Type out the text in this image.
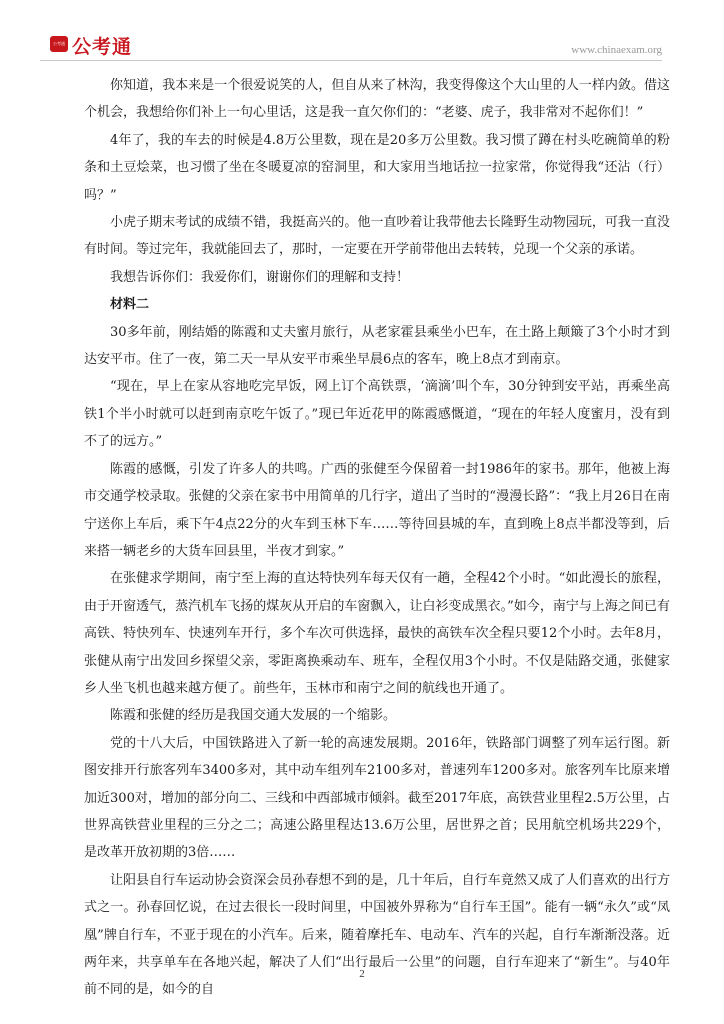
公考通 公考通	www.chinaexam.org

你知道，我本来是一个很爱说笑的人，但自从来了林沟，我变得像这个大山里的人一样内敛。借这个机会，我想给你们补上一句心里话，这是我一直欠你们的：“老婆、虎子，我非常对不起你们！”

4年了，我的车去的时候是4.8万公里数，现在是20多万公里数。我习惯了蹲在村头吃碗简单的粉条和土豆烩菜，也习惯了坐在冬暖夏凉的窑洞里，和大家用当地话拉一拉家常，你觉得我“还沾（行）吗？”

小虎子期末考试的成绩不错，我挺高兴的。他一直吵着让我带他去长隆野生动物园玩，可我一直没有时间。等过完年，我就能回去了，那时，一定要在开学前带他出去转转，兑现一个父亲的承诺。

我想告诉你们：我爱你们，谢谢你们的理解和支持！

材料二

30多年前，刚结婚的陈霞和丈夫蜜月旅行，从老家霍县乘坐小巴车，在土路上颠簸了3个小时才到达安平市。住了一夜，第二天一早从安平市乘坐早晨6点的客车，晚上8点才到南京。

“现在，早上在家从容地吃完早饭，网上订个高铁票，‘滴滴’叫个车，30分钟到安平站，再乘坐高铁1个半小时就可以赶到南京吃午饭了。”现已年近花甲的陈霞感慨道，“现在的年轻人度蜜月，没有到不了的远方。”

陈霞的感慨，引发了许多人的共鸣。广西的张健至今保留着一封1986年的家书。那年，他被上海市交通学校录取。张健的父亲在家书中用简单的几行字，道出了当时的“漫漫长路”：“我上月26日在南宁送你上车后，乘下午4点22分的火车到玉林下车……等待回县城的车，直到晚上8点半都没等到，后来搭一辆老乡的大货车回县里，半夜才到家。”

在张健求学期间，南宁至上海的直达特快列车每天仅有一趟，全程42个小时。“如此漫长的旅程，由于开窗透气，蒸汽机车飞扬的煤灰从开启的车窗飘入，让白衫变成黑衣。”如今，南宁与上海之间已有高铁、特快列车、快速列车开行，多个车次可供选择，最快的高铁车次全程只要12个小时。去年8月，张健从南宁出发回乡探望父亲，零距离换乘动车、班车，全程仅用3个小时。不仅是陆路交通，张健家乡人坐飞机也越来越方便了。前些年，玉林市和南宁之间的航线也开通了。

陈霞和张健的经历是我国交通大发展的一个缩影。

党的十八大后，中国铁路进入了新一轮的高速发展期。2016年，铁路部门调整了列车运行图。新图安排开行旅客列车3400多对，其中动车组列车2100多对，普速列车1200多对。旅客列车比原来增加近300对，增加的部分向二、三线和中西部城市倾斜。截至2017年底，高铁营业里程2.5万公里，占世界高铁营业里程的三分之二；高速公路里程达13.6万公里，居世界之首；民用航空机场共229个，是改革开放初期的3倍……

让阳县自行车运动协会资深会员孙春想不到的是，几十年后，自行车竟然又成了人们喜欢的出行方式之一。孙春回忆说，在过去很长一段时间里，中国被外界称为“自行车王国”。能有一辆“永久”或“凤凰”牌自行车，不亚于现在的小汽车。后来，随着摩托车、电动车、汽车的兴起，自行车渐渐没落。近两年来，共享单车在各地兴起，解决了人们“出行最后一公里”的问题，自行车迎来了“新生”。与40年前不同的是，如今的自

2
